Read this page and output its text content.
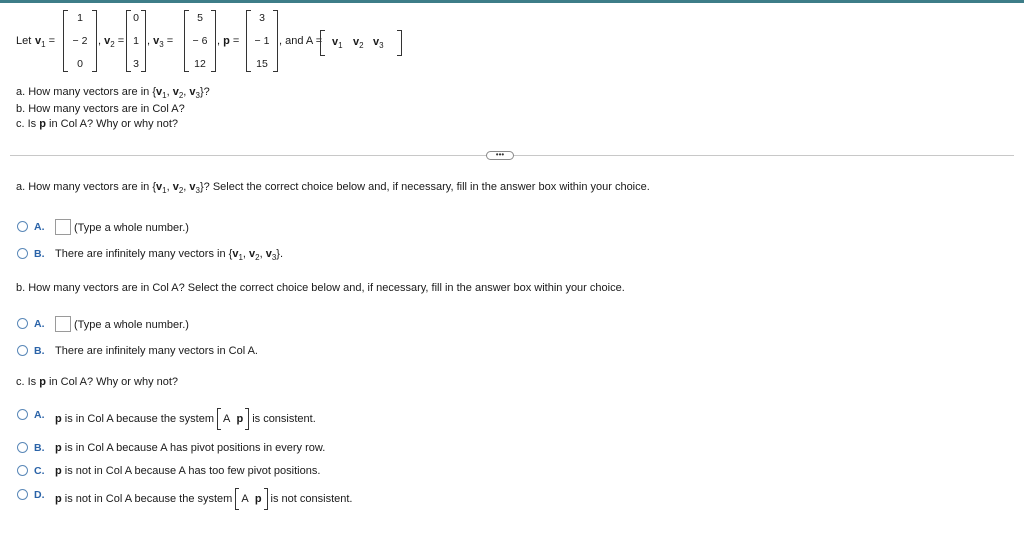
Let $v_1$ =
1
− 2
0
, $v_2$ =
0
1
3
, $v_3$ =
5
− 6
12
, p =
3
− 1
15
, and $A = v_1$ $v_2$ $v_3$
a. How many vectors are in {$v_1$, $v_2$, $v_3$}?
b. How many vectors are in Col A?
c. Is p in Col A? Why or why not?
•••
a. How many vectors are in {$v_1$, $v_2$, $v_3$}? Select the correct choice below and, if necessary, fill in the answer box within your choice.
A.	(Type a whole number.)
B. There are infinitely many vectors in {$v_1$, $v_2$, $v_3$}.
b. How many vectors are in Col A? Select the correct choice below and, if necessary, fill in the answer box within your choice.
A.	(Type a whole number.)
B. There are infinitely many vectors in Col A.
c. Is p in Col A? Why or why not?
A. p is in Col A because the system A p is consistent.
B. p is in Col A because A has pivot positions in every row.
C. p is not in Col A because A has too few pivot positions.
D. p is not in Col A because the system A p is not consistent.
